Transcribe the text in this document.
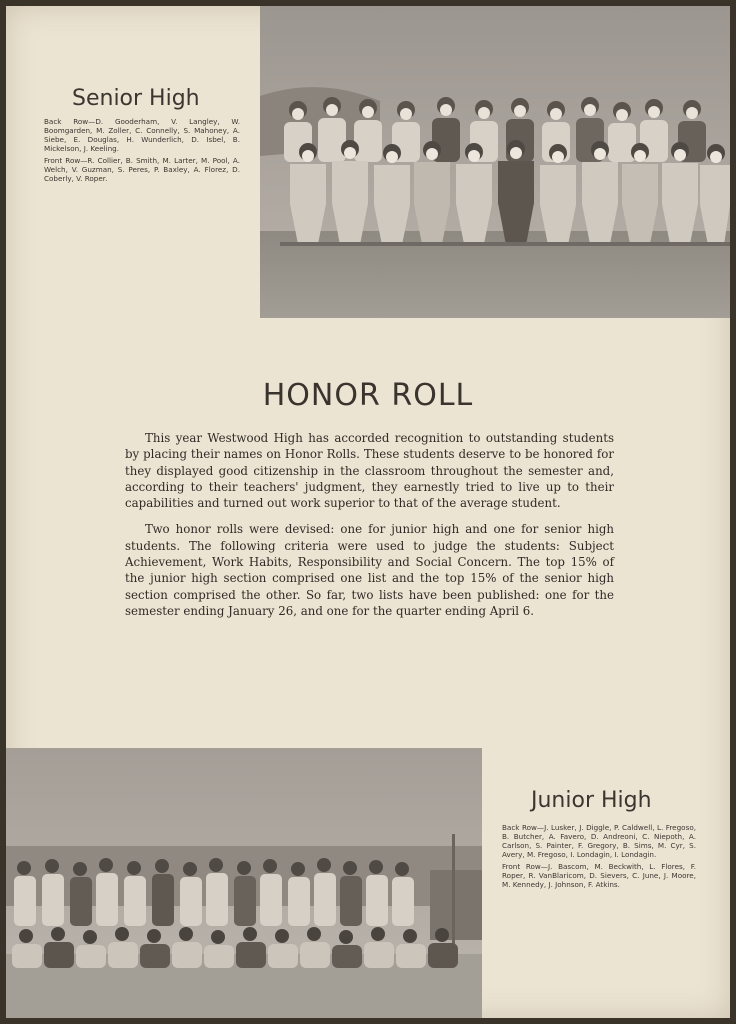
Senior High

Back Row—D. Gooderham, V. Langley, W. Boomgarden, M. Zoller, C. Connelly, S. Mahoney, A. Siebe, E. Douglas, H. Wunderlich, D. Isbel, B. Mickelson, J. Keeling.

Front Row—R. Collier, B. Smith, M. Larter, M. Pool, A. Welch, V. Guzman, S. Peres, P. Baxley, A. Florez, D. Coberly, V. Roper.

HONOR ROLL

This year Westwood High has accorded recognition to outstanding students by placing their names on Honor Rolls. These students deserve to be honored for they displayed good citizenship in the classroom throughout the semester and, according to their teachers' judgment, they earnestly tried to live up to their capabilities and turned out work superior to that of the average student.

Two honor rolls were devised: one for junior high and one for senior high students. The following criteria were used to judge the students: Subject Achievement, Work Habits, Responsibility and Social Concern. The top 15% of the junior high section comprised one list and the top 15% of the senior high section comprised the other. So far, two lists have been published: one for the semester ending January 26, and one for the quarter ending April 6.

Junior High

Back Row—J. Lusker, J. Diggle, P. Caldwell, L. Fregoso, B. Butcher, A. Favero, D. Andreoni, C. Niepoth, A. Carlson, S. Painter, F. Gregory, B. Sims, M. Cyr, S. Avery, M. Fregoso, I. Londagin, I. Londagin.

Front Row—J. Bascom, M. Beckwith, L. Flores, F. Roper, R. VanBlaricom, D. Sievers, C. June, J. Moore, M. Kennedy, J. Johnson, F. Atkins.
